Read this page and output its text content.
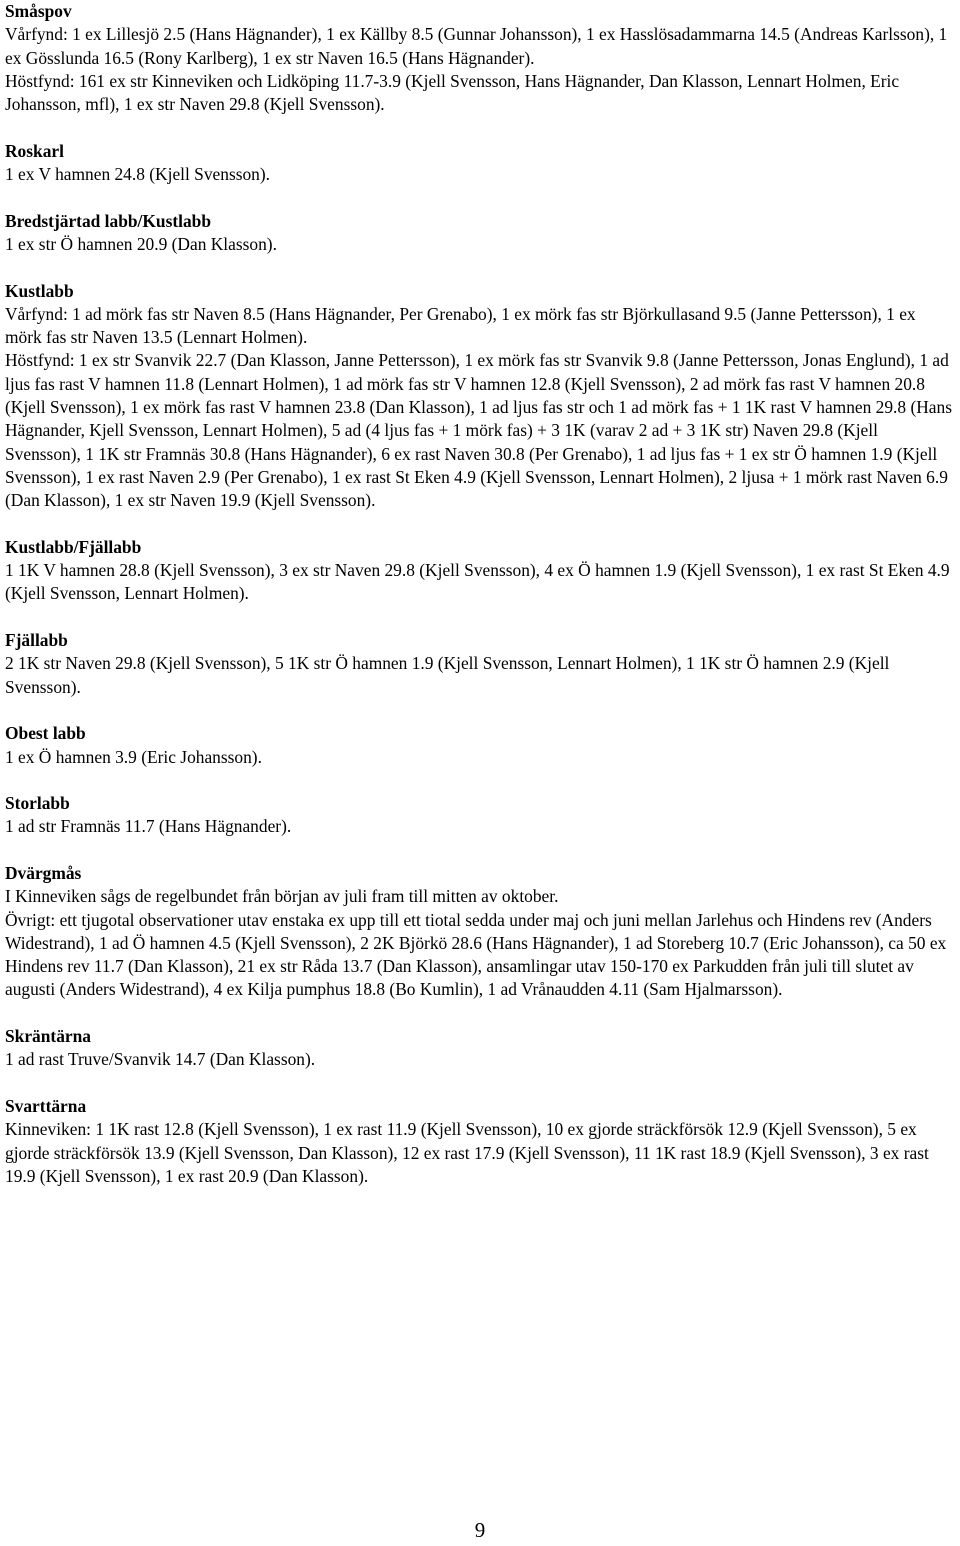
Småspov
Vårfynd: 1 ex Lillesjö 2.5 (Hans Hägnander), 1 ex Källby 8.5 (Gunnar Johansson), 1 ex Hasslösadammarna 14.5 (Andreas Karlsson), 1 ex Gösslunda 16.5 (Rony Karlberg), 1 ex str Naven 16.5 (Hans Hägnander).
Höstfynd: 161 ex str Kinneviken och Lidköping 11.7-3.9 (Kjell Svensson, Hans Hägnander, Dan Klasson, Lennart Holmen, Eric Johansson, mfl), 1 ex str Naven 29.8 (Kjell Svensson).
Roskarl
1 ex V hamnen 24.8 (Kjell Svensson).
Bredstjärtad labb/Kustlabb
1 ex str Ö hamnen 20.9 (Dan Klasson).
Kustlabb
Vårfynd: 1 ad mörk fas str Naven 8.5 (Hans Hägnander, Per Grenabo), 1 ex mörk fas str Björkullasand 9.5 (Janne Pettersson), 1 ex mörk fas str Naven 13.5 (Lennart Holmen).
Höstfynd: 1 ex str Svanvik 22.7 (Dan Klasson, Janne Pettersson), 1 ex mörk fas str Svanvik 9.8 (Janne Pettersson, Jonas Englund), 1 ad ljus fas rast V hamnen 11.8 (Lennart Holmen), 1 ad mörk fas str V hamnen 12.8 (Kjell Svensson), 2 ad mörk fas rast V hamnen 20.8 (Kjell Svensson), 1 ex mörk fas rast V hamnen 23.8 (Dan Klasson), 1 ad ljus fas str och 1 ad mörk fas + 1 1K rast V hamnen 29.8 (Hans Hägnander, Kjell Svensson, Lennart Holmen), 5 ad (4 ljus fas + 1 mörk fas) + 3 1K (varav 2 ad + 3 1K str) Naven 29.8 (Kjell Svensson), 1 1K str Framnäs 30.8 (Hans Hägnander), 6 ex rast Naven 30.8 (Per Grenabo), 1 ad ljus fas + 1 ex str Ö hamnen 1.9 (Kjell Svensson), 1 ex rast Naven 2.9 (Per Grenabo), 1 ex rast St Eken 4.9 (Kjell Svensson, Lennart Holmen), 2 ljusa + 1 mörk rast Naven 6.9 (Dan Klasson), 1 ex str Naven 19.9 (Kjell Svensson).
Kustlabb/Fjällabb
1 1K V hamnen 28.8 (Kjell Svensson), 3 ex str Naven 29.8 (Kjell Svensson), 4 ex Ö hamnen 1.9 (Kjell Svensson), 1 ex rast St Eken 4.9 (Kjell Svensson, Lennart Holmen).
Fjällabb
2 1K str Naven 29.8 (Kjell Svensson), 5 1K str Ö hamnen 1.9 (Kjell Svensson, Lennart Holmen), 1 1K str Ö hamnen 2.9 (Kjell Svensson).
Obest labb
1 ex Ö hamnen 3.9 (Eric Johansson).
Storlabb
1 ad str Framnäs 11.7 (Hans Hägnander).
Dvärgmås
I Kinneviken sågs de regelbundet från början av juli fram till mitten av oktober.
Övrigt: ett tjugotal observationer utav enstaka ex upp till ett tiotal sedda under maj och juni mellan Jarlehus och Hindens rev (Anders Widestrand), 1 ad Ö hamnen 4.5 (Kjell Svensson), 2 2K Björkö 28.6 (Hans Hägnander), 1 ad Storeberg 10.7 (Eric Johansson), ca 50 ex Hindens rev 11.7 (Dan Klasson), 21 ex str Råda 13.7 (Dan Klasson), ansamlingar utav 150-170 ex Parkudden från juli till slutet av augusti (Anders Widestrand), 4 ex Kilja pumphus 18.8 (Bo Kumlin), 1 ad Vrånaudden 4.11 (Sam Hjalmarsson).
Skräntärna
1 ad rast Truve/Svanvik 14.7 (Dan Klasson).
Svarttärna
Kinneviken: 1 1K rast 12.8 (Kjell Svensson), 1 ex rast 11.9 (Kjell Svensson), 10 ex gjorde sträckförsök 12.9 (Kjell Svensson), 5 ex gjorde sträckförsök 13.9 (Kjell Svensson, Dan Klasson), 12 ex rast 17.9 (Kjell Svensson), 11 1K rast 18.9 (Kjell Svensson), 3 ex rast 19.9 (Kjell Svensson), 1 ex rast 20.9 (Dan Klasson).
9
